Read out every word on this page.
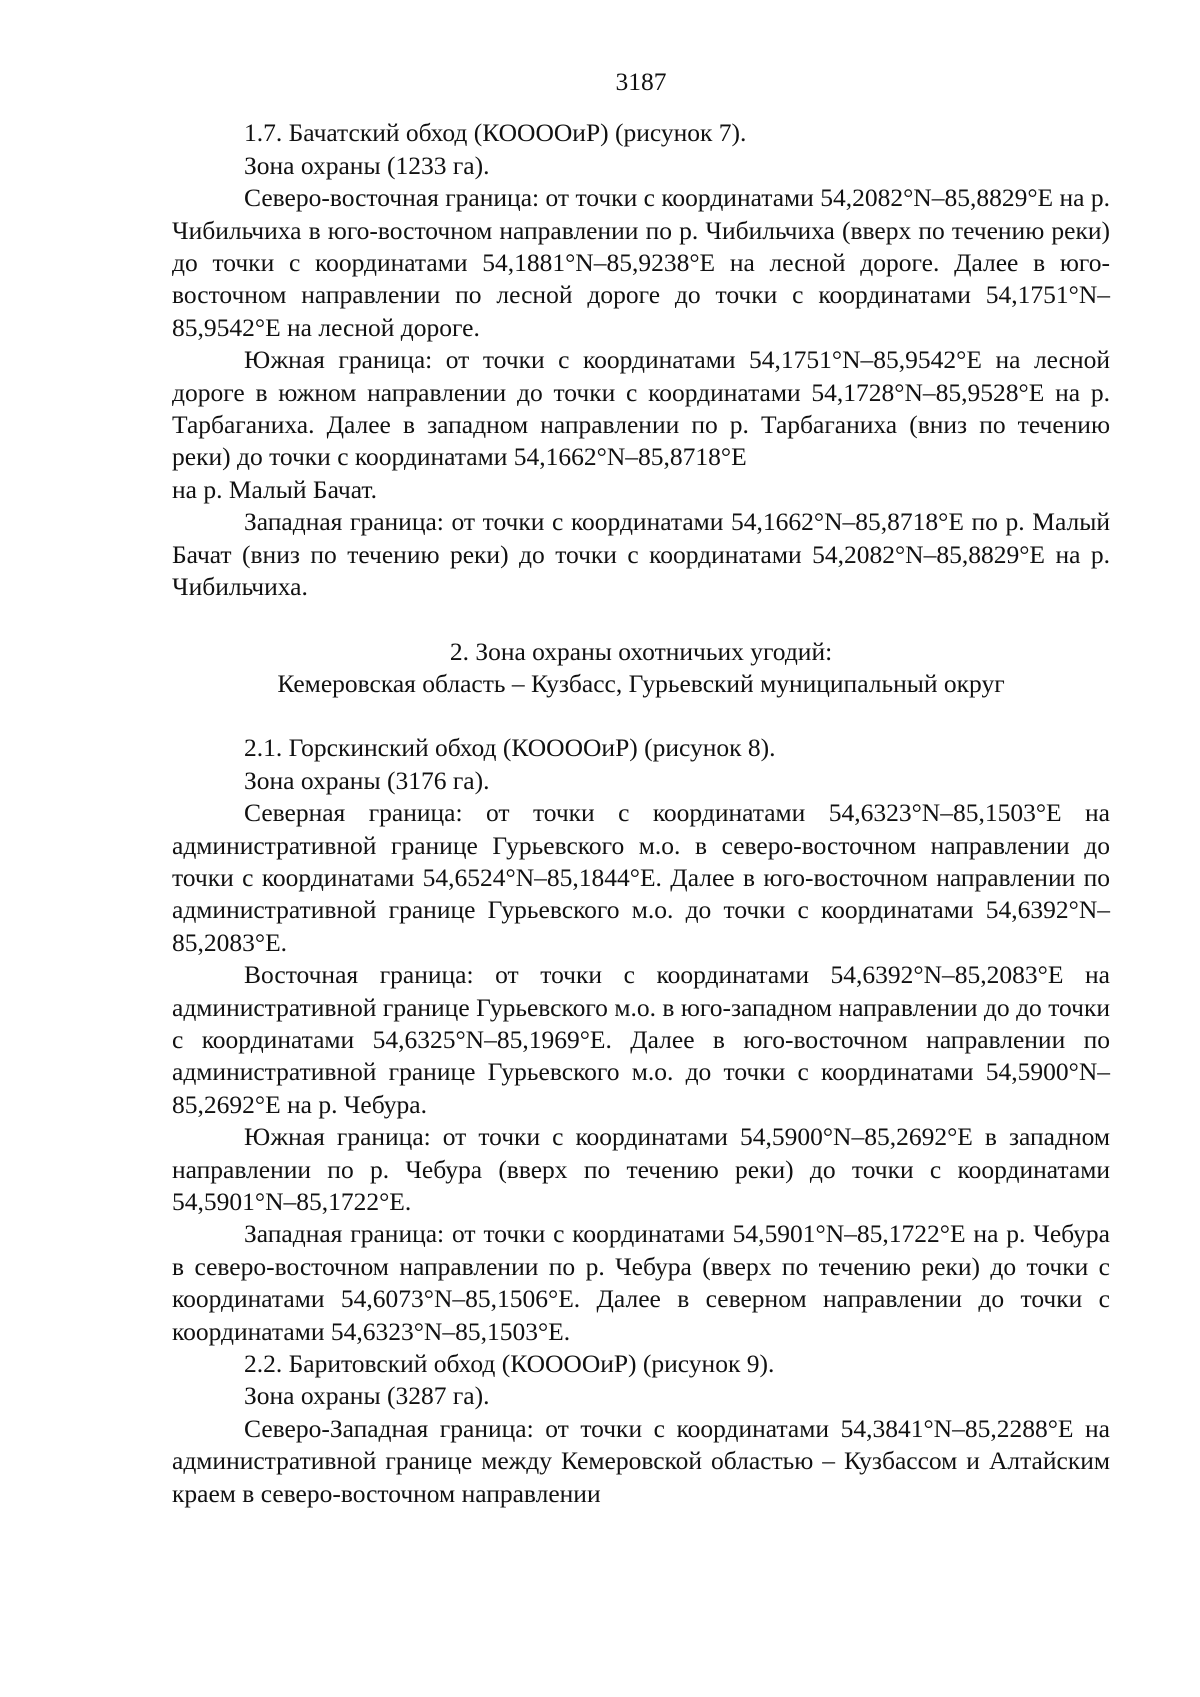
3187

1.7. Бачатский обход (КООООиР) (рисунок 7).

Зона охраны (1233 га).

Северо-восточная граница: от точки с координатами 54,2082°N–85,8829°E на р. Чибильчиха в юго-восточном направлении по р. Чибильчиха (вверх по течению реки) до точки с координатами 54,1881°N–85,9238°E на лесной дороге. Далее в юго-восточном направлении по лесной дороге до точки с координатами 54,1751°N–85,9542°E на лесной дороге.

Южная граница: от точки с координатами 54,1751°N–85,9542°E на лесной дороге в южном направлении до точки с координатами 54,1728°N–85,9528°E на р. Тарбаганиха. Далее в западном направлении по р. Тарбаганиха (вниз по течению реки) до точки с координатами 54,1662°N–85,8718°E

на р. Малый Бачат.

Западная граница: от точки с координатами 54,1662°N–85,8718°E по р. Малый Бачат (вниз по течению реки) до точки с координатами 54,2082°N–85,8829°E на р. Чибильчиха.

2. Зона охраны охотничьих угодий:

Кемеровская область – Кузбасс, Гурьевский муниципальный округ

2.1. Горскинский обход (КООООиР) (рисунок 8).

Зона охраны (3176 га).

Северная граница: от точки с координатами 54,6323°N–85,1503°E на административной границе Гурьевского м.о. в северо-восточном направлении до точки с координатами 54,6524°N–85,1844°E. Далее в юго-восточном направлении по административной границе Гурьевского м.о. до точки с координатами 54,6392°N–85,2083°E.

Восточная граница: от точки с координатами 54,6392°N–85,2083°E на административной границе Гурьевского м.о. в юго-западном направлении до до точки с координатами 54,6325°N–85,1969°E. Далее в юго-восточном направлении по административной границе Гурьевского м.о. до точки с координатами 54,5900°N–85,2692°E на р. Чебура.

Южная граница: от точки с координатами 54,5900°N–85,2692°E в западном направлении по р. Чебура (вверх по течению реки) до точки с координатами 54,5901°N–85,1722°E.

Западная граница: от точки с координатами 54,5901°N–85,1722°E на р. Чебура в северо-восточном направлении по р. Чебура (вверх по течению реки) до точки с координатами 54,6073°N–85,1506°E. Далее в северном направлении до точки с координатами 54,6323°N–85,1503°E.

2.2. Баритовский обход (КООООиР) (рисунок 9).

Зона охраны (3287 га).

Северо-Западная граница: от точки с координатами 54,3841°N–85,2288°E на административной границе между Кемеровской областью – Кузбассом и Алтайским краем в северо-восточном направлении
